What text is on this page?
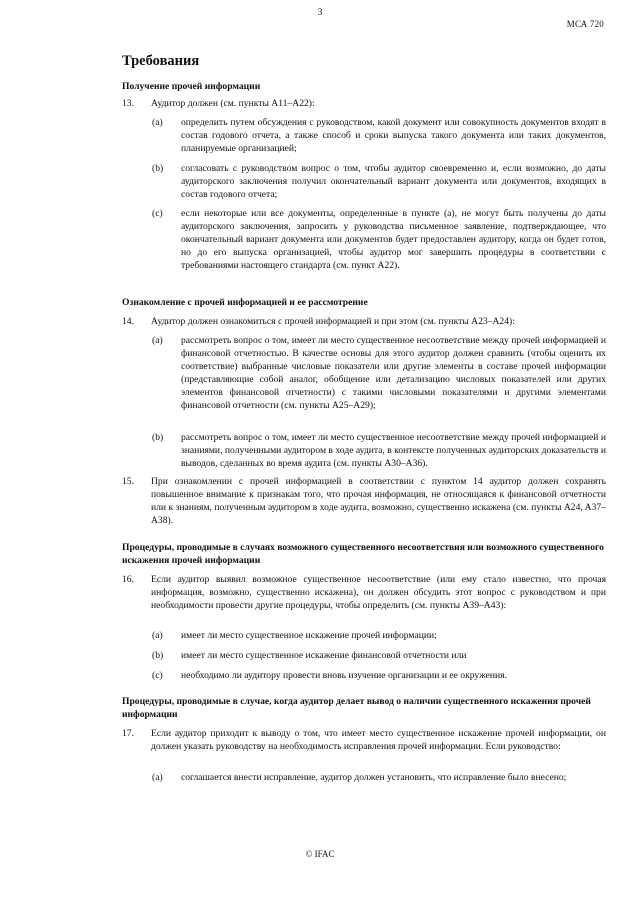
3
МСА 720
Требования
Получение прочей информации
13.	Аудитор должен (см. пункты A11–A22):
(a)	определить путем обсуждения с руководством, какой документ или совокупность документов входят в состав годового отчета, а также способ и сроки выпуска такого документа или таких документов, планируемые организацией;
(b)	согласовать с руководством вопрос о том, чтобы аудитор своевременно и, если возможно, до даты аудиторского заключения получил окончательный вариант документа или документов, входящих в состав годового отчета;
(c)	если некоторые или все документы, определенные в пункте (a), не могут быть получены до даты аудиторского заключения, запросить у руководства письменное заявление, подтверждающее, что окончательный вариант документа или документов будет предоставлен аудитору, когда он будет готов, но до его выпуска организацией, чтобы аудитор мог завершить процедуры в соответствии с требованиями настоящего стандарта (см. пункт A22).
Ознакомление с прочей информацией и ее рассмотрение
14.	Аудитор должен ознакомиться с прочей информацией и при этом (см. пункты A23–A24):
(a)	рассмотреть вопрос о том, имеет ли место существенное несоответствие между прочей информацией и финансовой отчетностью. В качестве основы для этого аудитор должен сравнить (чтобы оценить их соответствие) выбранные числовые показатели или другие элементы в составе прочей информации (представляющие собой аналог, обобщение или детализацию числовых показателей или других элементов финансовой отчетности) с такими числовыми показателями и другими элементами финансовой отчетности (см. пункты A25–A29);
(b)	рассмотреть вопрос о том, имеет ли место существенное несоответствие между прочей информацией и знаниями, полученными аудитором в ходе аудита, в контексте полученных аудиторских доказательств и выводов, сделанных во время аудита (см. пункты A30–A36).
15.	При ознакомлении с прочей информацией в соответствии с пунктом 14 аудитор должен сохранять повышенное внимание к признакам того, что прочая информация, не относящаяся к финансовой отчетности или к знаниям, полученным аудитором в ходе аудита, возможно, существенно искажена (см. пункты A24, A37–A38).
Процедуры, проводимые в случаях возможного существенного несоответствия или возможного существенного искажения прочей информации
16.	Если аудитор выявил возможное существенное несоответствие (или ему стало известно, что прочая информация, возможно, существенно искажена), он должен обсудить этот вопрос с руководством и при необходимости провести другие процедуры, чтобы определить (см. пункты A39–A43):
(a)	имеет ли место существенное искажение прочей информации;
(b)	имеет ли место существенное искажение финансовой отчетности или
(c)	необходимо ли аудитору провести вновь изучение организации и ее окружения.
Процедуры, проводимые в случае, когда аудитор делает вывод о наличии существенного искажения прочей информации
17.	Если аудитор приходит к выводу о том, что имеет место существенное искажение прочей информации, он должен указать руководству на необходимость исправления прочей информации. Если руководство:
(a)	соглашается внести исправление, аудитор должен установить, что исправление было внесено;
© IFAC
